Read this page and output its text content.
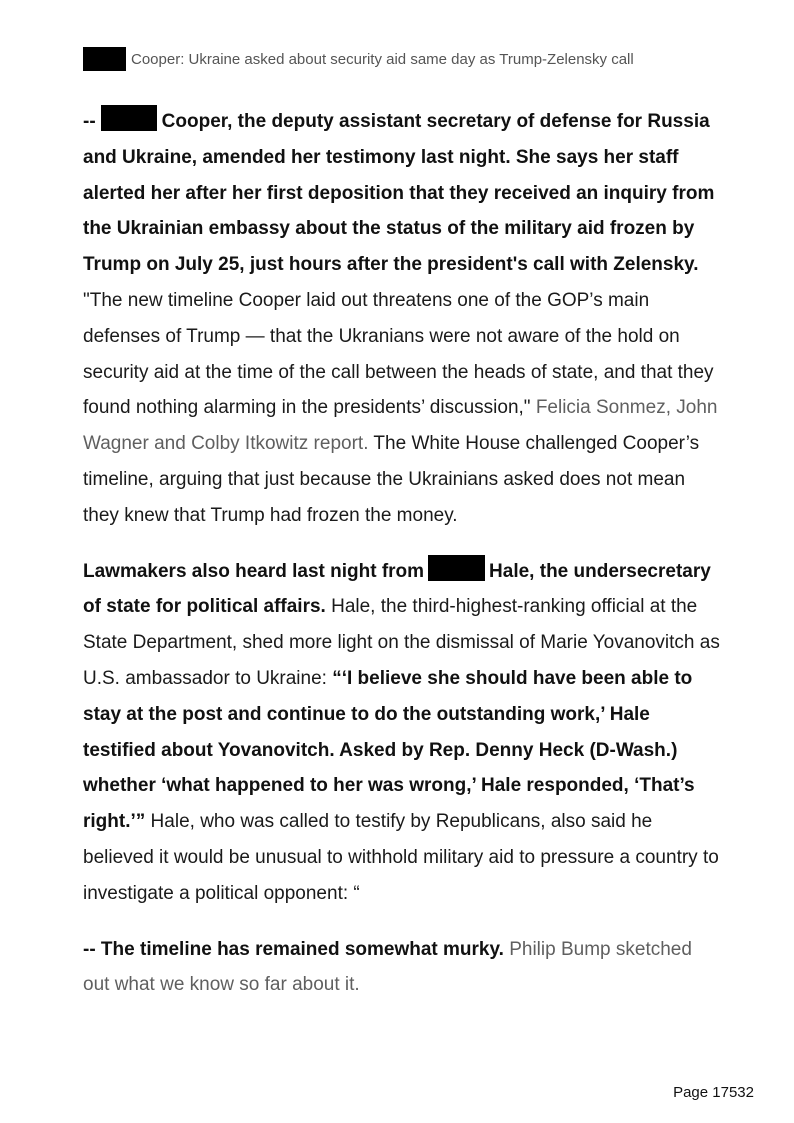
Cooper: Ukraine asked about security aid same day as Trump-Zelensky call

--	Cooper, the deputy assistant secretary of defense for Russia and Ukraine, amended her testimony last night. She says her staff alerted her after her first deposition that they received an inquiry from the Ukrainian embassy about the status of the military aid frozen by Trump on July 25, just hours after the president's call with Zelensky. "The new timeline Cooper laid out threatens one of the GOP’s main defenses of Trump — that the Ukranians were not aware of the hold on security aid at the time of the call between the heads of state, and that they found nothing alarming in the presidents’ discussion," Felicia Sonmez, John Wagner and Colby Itkowitz report. The White House challenged Cooper’s timeline, arguing that just because the Ukrainians asked does not mean they knew that Trump had frozen the money.

Lawmakers also heard last night from	Hale, the undersecretary of state for political affairs. Hale, the third-highest-ranking official at the State Department, shed more light on the dismissal of Marie Yovanovitch as U.S. ambassador to Ukraine: “‘I believe she should have been able to stay at the post and continue to do the outstanding work,’ Hale testified about Yovanovitch. Asked by Rep. Denny Heck (D-Wash.) whether ‘what happened to her was wrong,’ Hale responded, ‘That’s right.’” Hale, who was called to testify by Republicans, also said he believed it would be unusual to withhold military aid to pressure a country to investigate a political opponent: “

-- The timeline has remained somewhat murky. Philip Bump sketched out what we know so far about it.

Page 17532
